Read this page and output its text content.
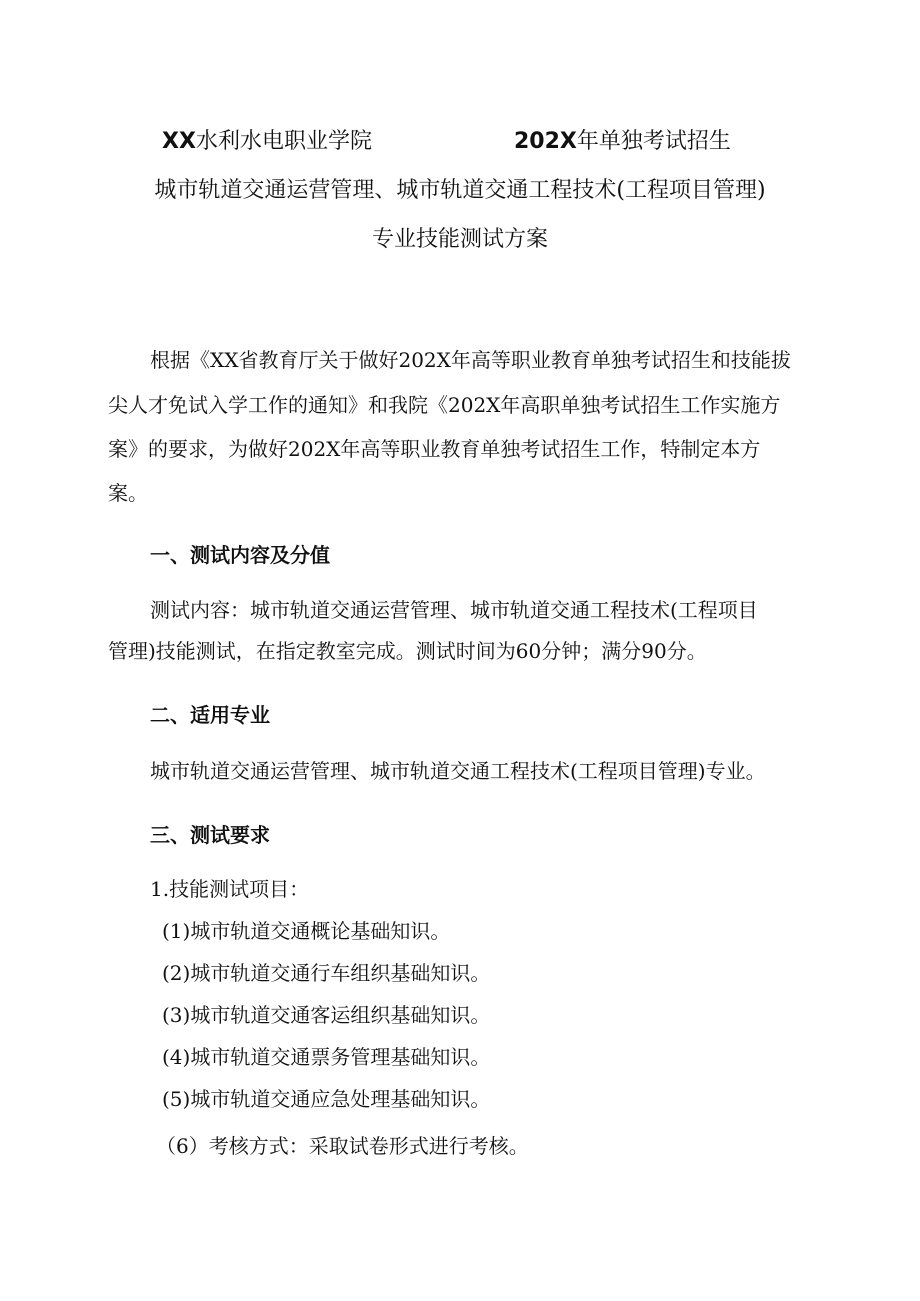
XX水利水电职业学院	202X年单独考试招生
城市轨道交通运营管理、城市轨道交通工程技术(工程项目管理)
专业技能测试方案
根据《XX省教育厅关于做好202X年高等职业教育单独考试招生和技能拔
尖人才免试入学工作的通知》和我院《202X年高职单独考试招生工作实施方
案》的要求，为做好202X年高等职业教育单独考试招生工作，特制定本方
案。
一、测试内容及分值
测试内容：城市轨道交通运营管理、城市轨道交通工程技术(工程项目
管理)技能测试，在指定教室完成。测试时间为60分钟；满分90分。
二、适用专业
城市轨道交通运营管理、城市轨道交通工程技术(工程项目管理)专业。
三、测试要求
1.技能测试项目：
(1)城市轨道交通概论基础知识。
(2)城市轨道交通行车组织基础知识。
(3)城市轨道交通客运组织基础知识。
(4)城市轨道交通票务管理基础知识。
(5)城市轨道交通应急处理基础知识。
（6）考核方式：采取试卷形式进行考核。
